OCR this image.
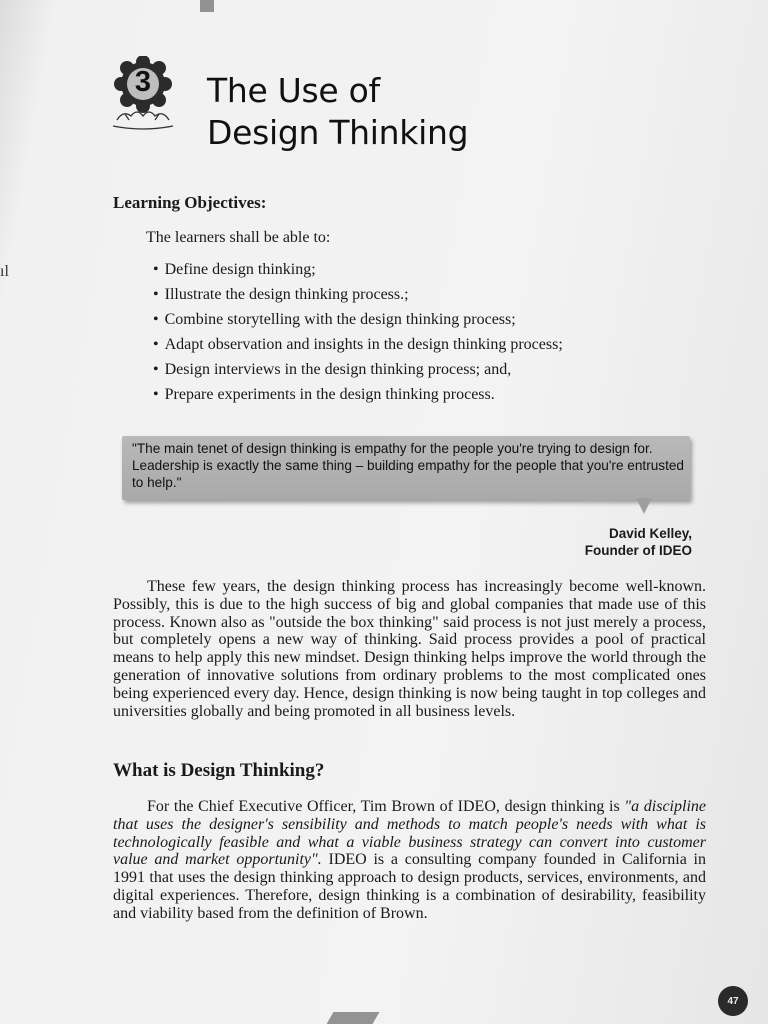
ıl
3	The Use of
Design Thinking
Learning Objectives:
The learners shall be able to:
• Define design thinking;
• Illustrate the design thinking process.;
• Combine storytelling with the design thinking process;
• Adapt observation and insights in the design thinking process;
• Design interviews in the design thinking process; and,
• Prepare experiments in the design thinking process.
"The main tenet of design thinking is empathy for the people you're trying to design for. Leadership is exactly the same thing – building empathy for the people that you're entrusted to help."
David Kelley,
Founder of IDEO

These few years, the design thinking process has increasingly become well-known. Possibly, this is due to the high success of big and global companies that made use of this process. Known also as "outside the box thinking" said process is not just merely a process, but completely opens a new way of thinking. Said process provides a pool of practical means to help apply this new mindset. Design thinking helps improve the world through the generation of innovative solutions from ordinary problems to the most complicated ones being experienced every day. Hence, design thinking is now being taught in top colleges and universities globally and being promoted in all business levels.

What is Design Thinking?

For the Chief Executive Officer, Tim Brown of IDEO, design thinking is "a discipline that uses the designer's sensibility and methods to match people's needs with what is technologically feasible and what a viable business strategy can convert into customer value and market opportunity". IDEO is a consulting company founded in California in 1991 that uses the design thinking approach to design products, services, environments, and digital experiences. Therefore, design thinking is a combination of desirability, feasibility and viability based from the definition of Brown.

47
